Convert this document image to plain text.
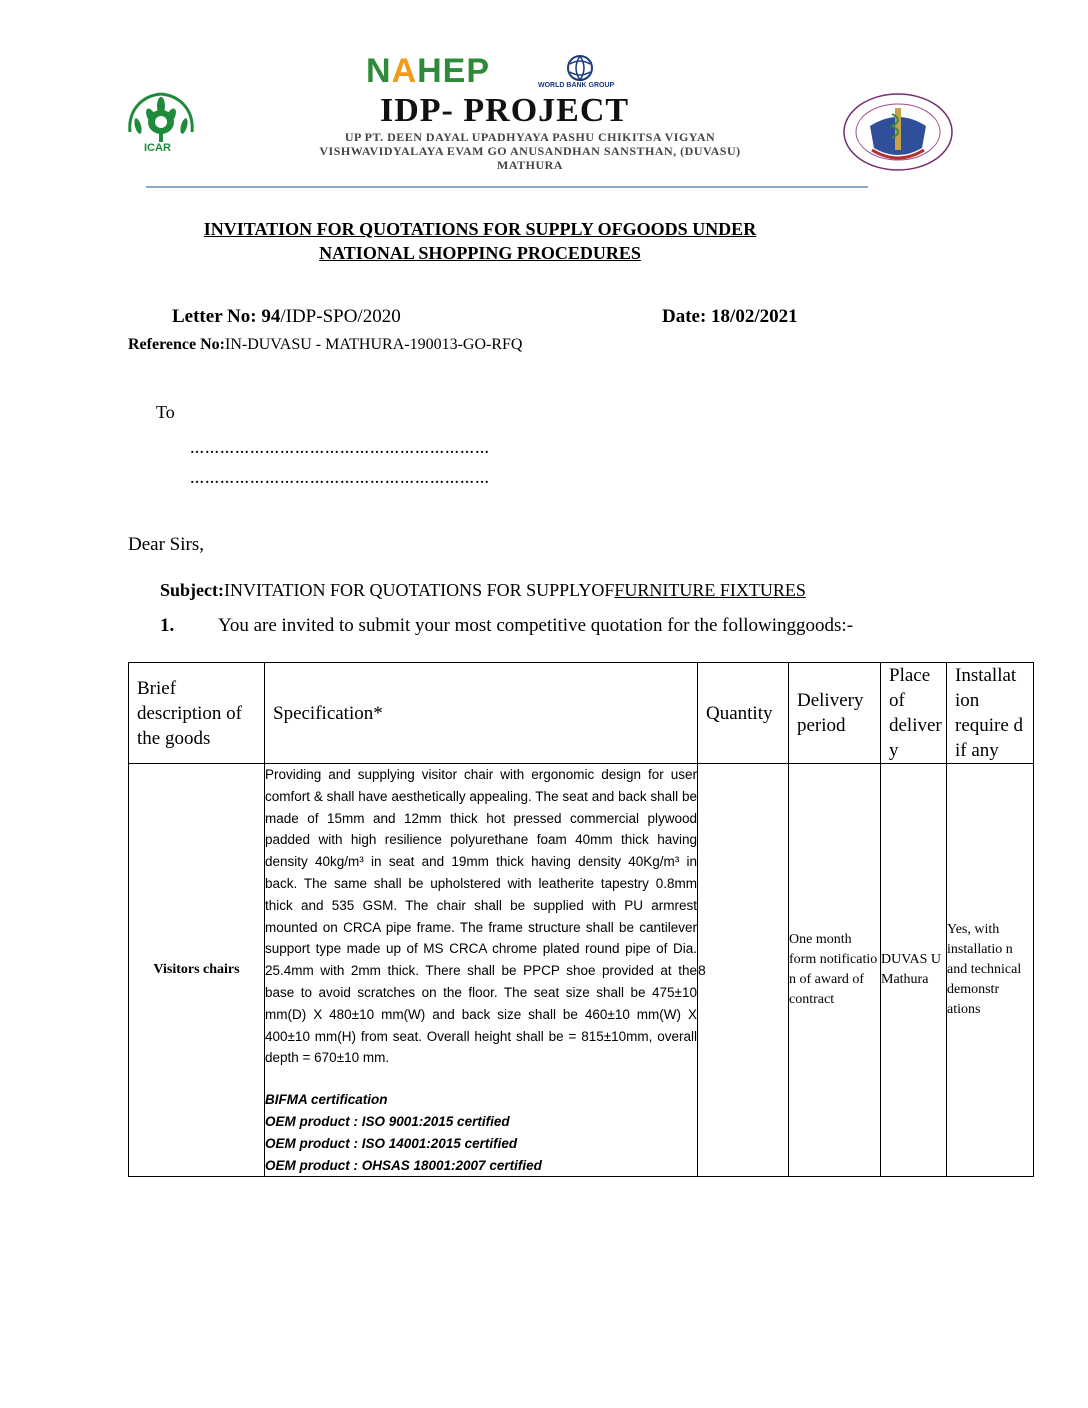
ICAR
NAHEP	WORLD BANK GROUP
IDP- PROJECT
UP PT. DEEN DAYAL UPADHYAYA PASHU CHIKITSA VIGYAN
VISHWAVIDYALAYA EVAM GO ANUSANDHAN SANSTHAN, (DUVASU)
MATHURA
INVITATION FOR QUOTATIONS FOR SUPPLY OFGOODS UNDER
NATIONAL SHOPPING PROCEDURES
Letter No: 94/IDP-SPO/2020	Date: 18/02/2021
Reference No:IN-DUVASU - MATHURA-190013-GO-RFQ
To
……………………………………………………
……………………………………………………
Dear Sirs,
Subject:INVITATION FOR QUOTATIONS FOR SUPPLYOFFURNITURE FIXTURES
1. You are invited to submit your most competitive quotation for the followinggoods:-
Brief description of the goods	Specification*	Quantity	Delivery period	Place of deliver y	Installat ion require d if any
Visitors chairs	Providing and supplying visitor chair with ergonomic design for user comfort & shall have aesthetically appealing. The seat and back shall be made of 15mm and 12mm thick hot pressed commercial plywood padded with high resilience polyurethane foam 40mm thick having density 40kg/m³ in seat and 19mm thick having density 40Kg/m³ in back. The same shall be upholstered with leatherite tapestry 0.8mm thick and 535 GSM. The chair shall be supplied with PU armrest mounted on CRCA pipe frame. The frame structure shall be cantilever support type made up of MS CRCA chrome plated round pipe of Dia. 25.4mm with 2mm thick. There shall be PPCP shoe provided at the base to avoid scratches on the floor. The seat size shall be 475±10 mm(D) X 480±10 mm(W) and back size shall be 460±10 mm(W) X 400±10 mm(H) from seat. Overall height shall be = 815±10mm, overall depth = 670±10 mm.
BIFMA certification
OEM product : ISO 9001:2015 certified
OEM product : ISO 14001:2015 certified
OEM product : OHSAS 18001:2007 certified	8	One month form notificatio n of award of contract	DUVAS U Mathura	Yes, with installatio n and technical demonstr ations
